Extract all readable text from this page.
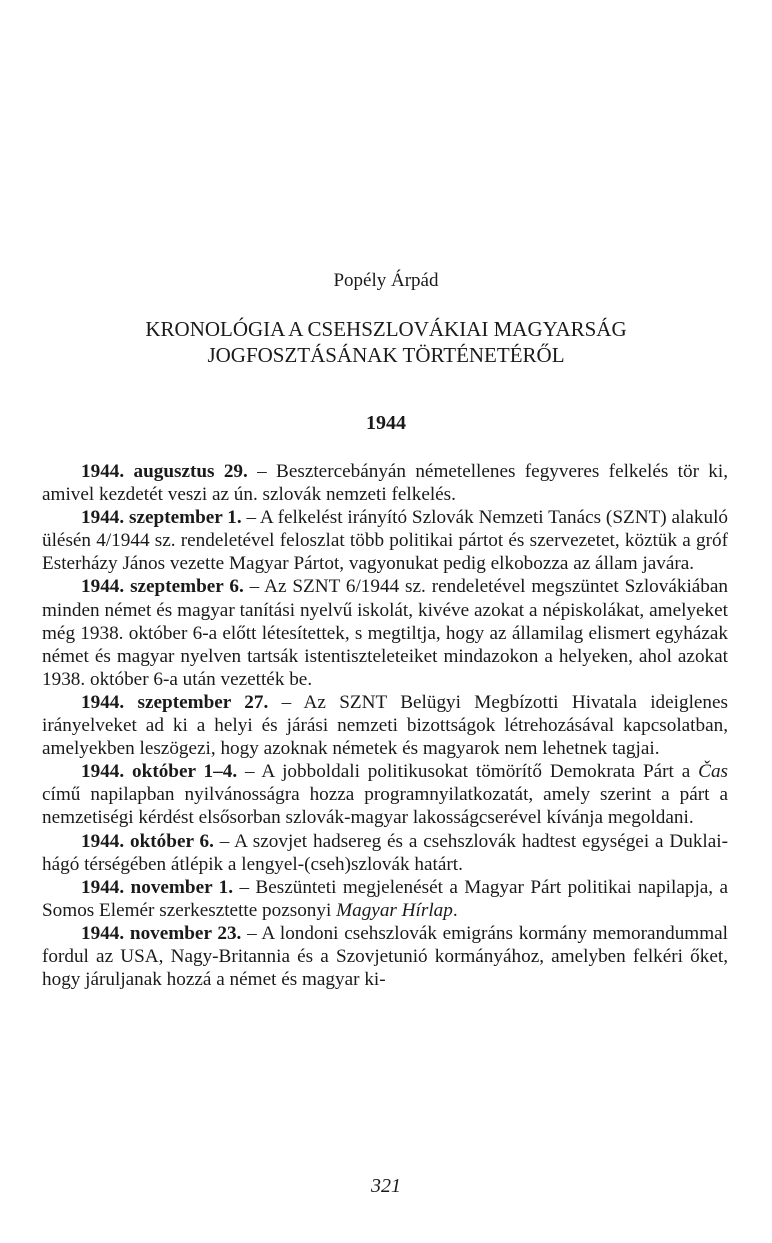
Popély Árpád
KRONOLÓGIA A CSEHSZLOVÁKIAI MAGYARSÁG
JOGFOSZTÁSÁNAK TÖRTÉNETÉRŐL
1944

1944. augusztus 29. – Besztercebányán németellenes fegyveres felkelés tör ki, amivel kezdetét veszi az ún. szlovák nemzeti felkelés.

1944. szeptember 1. – A felkelést irányító Szlovák Nemzeti Tanács (SZNT) alakuló ülésén 4/1944 sz. rendeletével feloszlat több politikai pártot és szervezetet, köztük a gróf Esterházy János vezette Magyar Pártot, vagyonukat pedig elkobozza az állam javára.

1944. szeptember 6. – Az SZNT 6/1944 sz. rendeletével megszüntet Szlovákiában minden német és magyar tanítási nyelvű iskolát, kivéve azokat a népiskolákat, amelyeket még 1938. október 6-a előtt létesítettek, s megtiltja, hogy az államilag elismert egyházak német és magyar nyelven tartsák istentiszteleteiket mindazokon a helyeken, ahol azokat 1938. október 6-a után vezették be.

1944. szeptember 27. – Az SZNT Belügyi Megbízotti Hivatala ideiglenes irányelveket ad ki a helyi és járási nemzeti bizottságok létrehozásával kapcsolatban, amelyekben leszögezi, hogy azoknak németek és magyarok nem lehetnek tagjai.

1944. október 1–4. – A jobboldali politikusokat tömörítő Demokrata Párt a Čas című napilapban nyilvánosságra hozza programnyilatkozatát, amely szerint a párt a nemzetiségi kérdést elsősorban szlovák-magyar lakosságcserével kívánja megoldani.

1944. október 6. – A szovjet hadsereg és a csehszlovák hadtest egységei a Duklai-hágó térségében átlépik a lengyel-(cseh)szlovák határt.

1944. november 1. – Beszünteti megjelenését a Magyar Párt politikai napilapja, a Somos Elemér szerkesztette pozsonyi Magyar Hírlap.

1944. november 23. – A londoni csehszlovák emigráns kormány memorandummal fordul az USA, Nagy-Britannia és a Szovjetunió kormányához, amelyben felkéri őket, hogy járuljanak hozzá a német és magyar ki-

321
